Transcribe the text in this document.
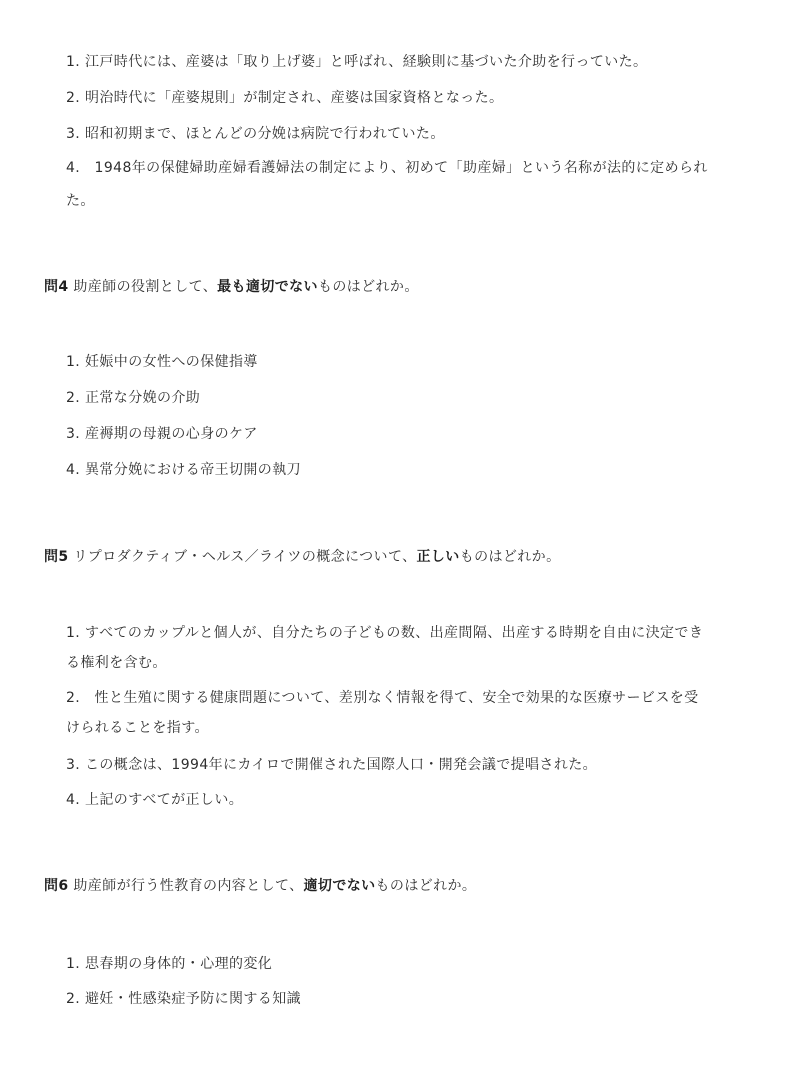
1. 江戸時代には、産婆は「取り上げ婆」と呼ばれ、経験則に基づいた介助を行っていた。
2. 明治時代に「産婆規則」が制定され、産婆は国家資格となった。
3. 昭和初期まで、ほとんどの分娩は病院で行われていた。
4.　1948年の保健婦助産婦看護婦法の制定により、初めて「助産婦」という名称が法的に定められ
た。
問4 助産師の役割として、最も適切でないものはどれか。
1. 妊娠中の女性への保健指導
2. 正常な分娩の介助
3. 産褥期の母親の心身のケア
4. 異常分娩における帝王切開の執刀
問5 リプロダクティブ・ヘルス／ライツの概念について、正しいものはどれか。
1. すべてのカップルと個人が、自分たちの子どもの数、出産間隔、出産する時期を自由に決定でき
る権利を含む。
2.　性と生殖に関する健康問題について、差別なく情報を得て、安全で効果的な医療サービスを受
けられることを指す。
3. この概念は、1994年にカイロで開催された国際人口・開発会議で提唱された。
4. 上記のすべてが正しい。
問6 助産師が行う性教育の内容として、適切でないものはどれか。
1. 思春期の身体的・心理的変化
2. 避妊・性感染症予防に関する知識
